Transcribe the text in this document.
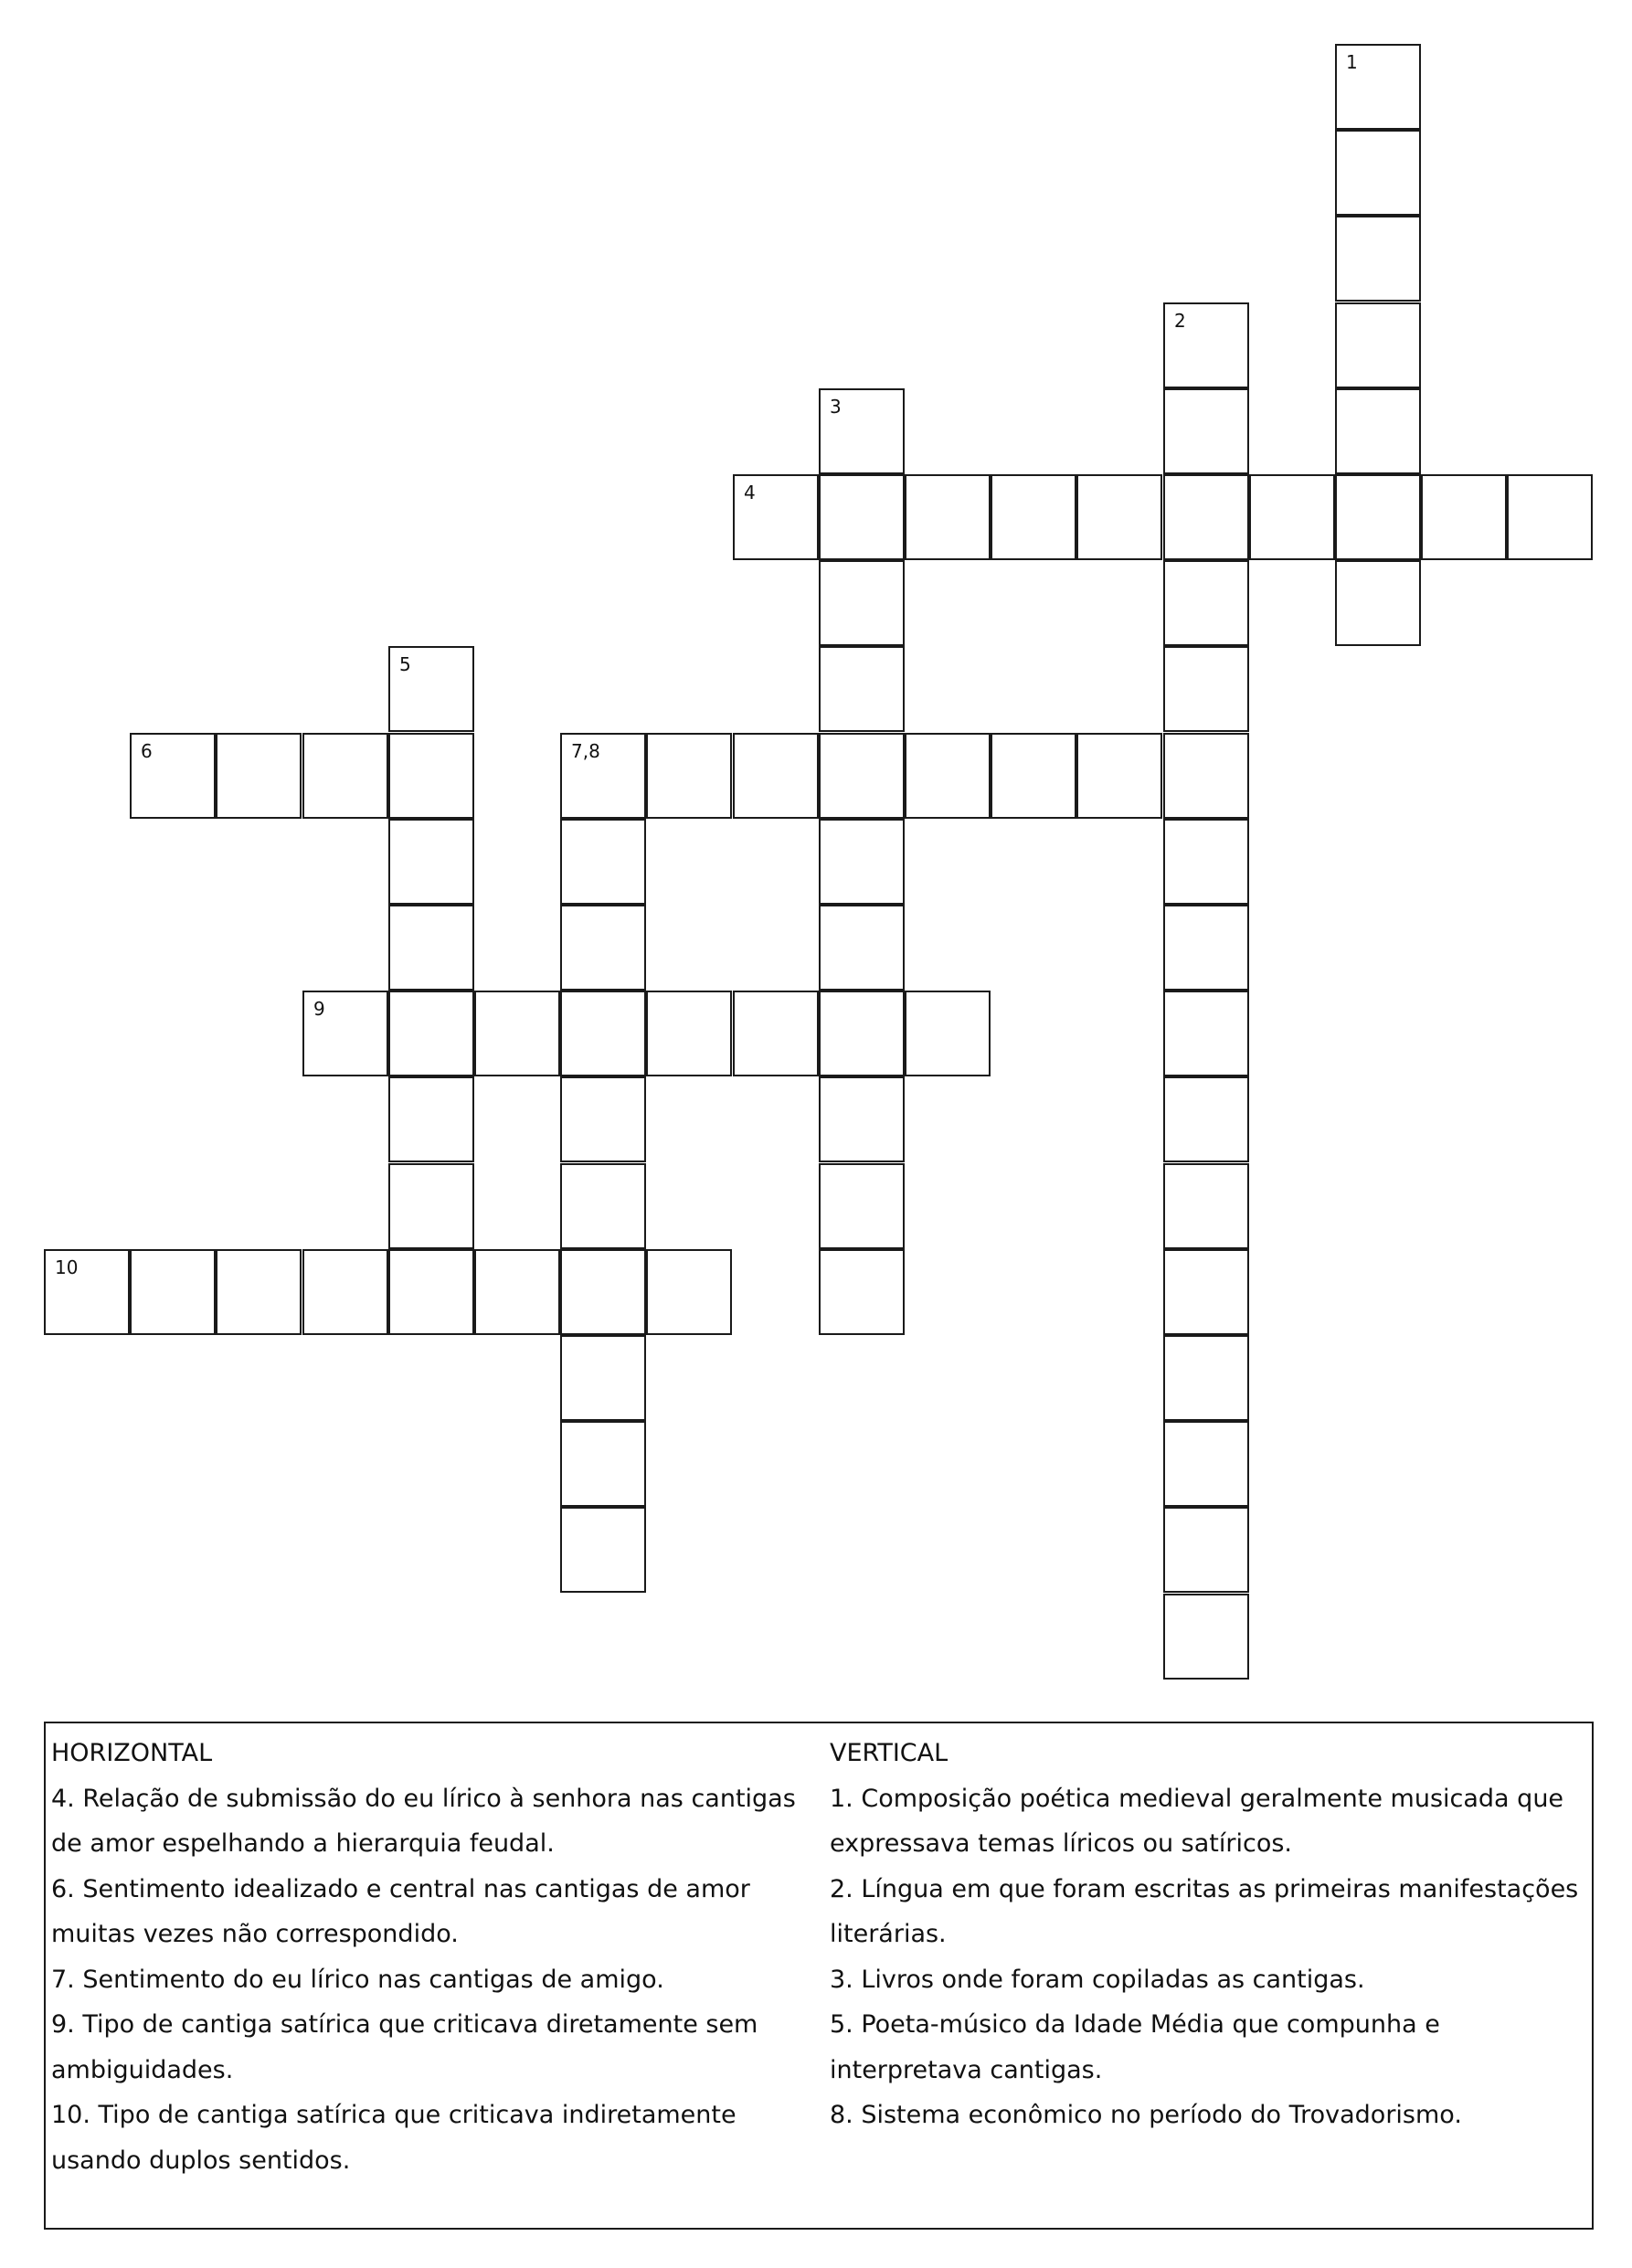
1
2
3
4
5
6	7,8
9
10

HORIZONTAL

4. Relação de submissão do eu lírico à senhora nas cantigas de amor espelhando a hierarquia feudal.

6. Sentimento idealizado e central nas cantigas de amor muitas vezes não correspondido.

7. Sentimento do eu lírico nas cantigas de amigo.

9. Tipo de cantiga satírica que criticava diretamente sem ambiguidades.

10. Tipo de cantiga satírica que criticava indiretamente usando duplos sentidos.

VERTICAL

1. Composição poética medieval geralmente musicada que expressava temas líricos ou satíricos.

2. Língua em que foram escritas as primeiras manifestações literárias.

3. Livros onde foram copiladas as cantigas.

5. Poeta-músico da Idade Média que compunha e interpretava cantigas.

8. Sistema econômico no período do Trovadorismo.
